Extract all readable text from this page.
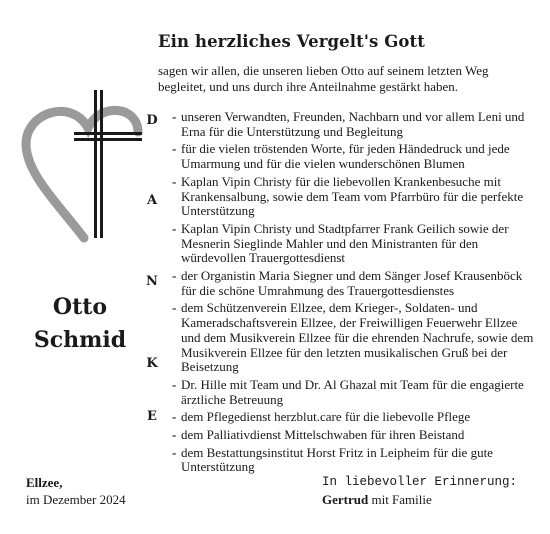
Ein herzliches Vergelt's Gott
sagen wir allen, die unseren lieben Otto auf seinem letzten Weg begleitet, und uns durch ihre Anteilnahme gestärkt haben.
Otto
Schmid
D
A
N
K
E
- unseren Verwandten, Freunden, Nachbarn und vor allem Leni und Erna für die Unterstützung und Begleitung
- für die vielen tröstenden Worte, für jeden Händedruck und jede Umarmung und für die vielen wunderschönen Blumen
- Kaplan Vipin Christy für die liebevollen Krankenbesuche mit Krankensalbung, sowie dem Team vom Pfarrbüro für die perfekte Unterstützung
- Kaplan Vipin Christy und Stadtpfarrer Frank Geilich sowie der Mesnerin Sieglinde Mahler und den Ministranten für den würdevollen Trauergottesdienst
- der Organistin Maria Siegner und dem Sänger Josef Krausenböck für die schöne Umrahmung des Trauergottesdienstes
- dem Schützenverein Ellzee, dem Krieger-, Soldaten- und Kameradschaftsverein Ellzee, der Freiwilligen Feuerwehr Ellzee und dem Musikverein Ellzee für die ehrenden Nachrufe, sowie dem Musikverein Ellzee für den letzten musikalischen Gruß bei der Beisetzung
- Dr. Hille mit Team und Dr. Al Ghazal mit Team für die engagierte ärztliche Betreuung
- dem Pflegedienst herzblut.care für die liebevolle Pflege
- dem Palliativdienst Mittelschwaben für ihren Beistand
- dem Bestattungsinstitut Horst Fritz in Leipheim für die gute Unterstützung
Ellzee,
im Dezember 2024
In liebevoller Erinnerung:
Gertrud mit Familie
